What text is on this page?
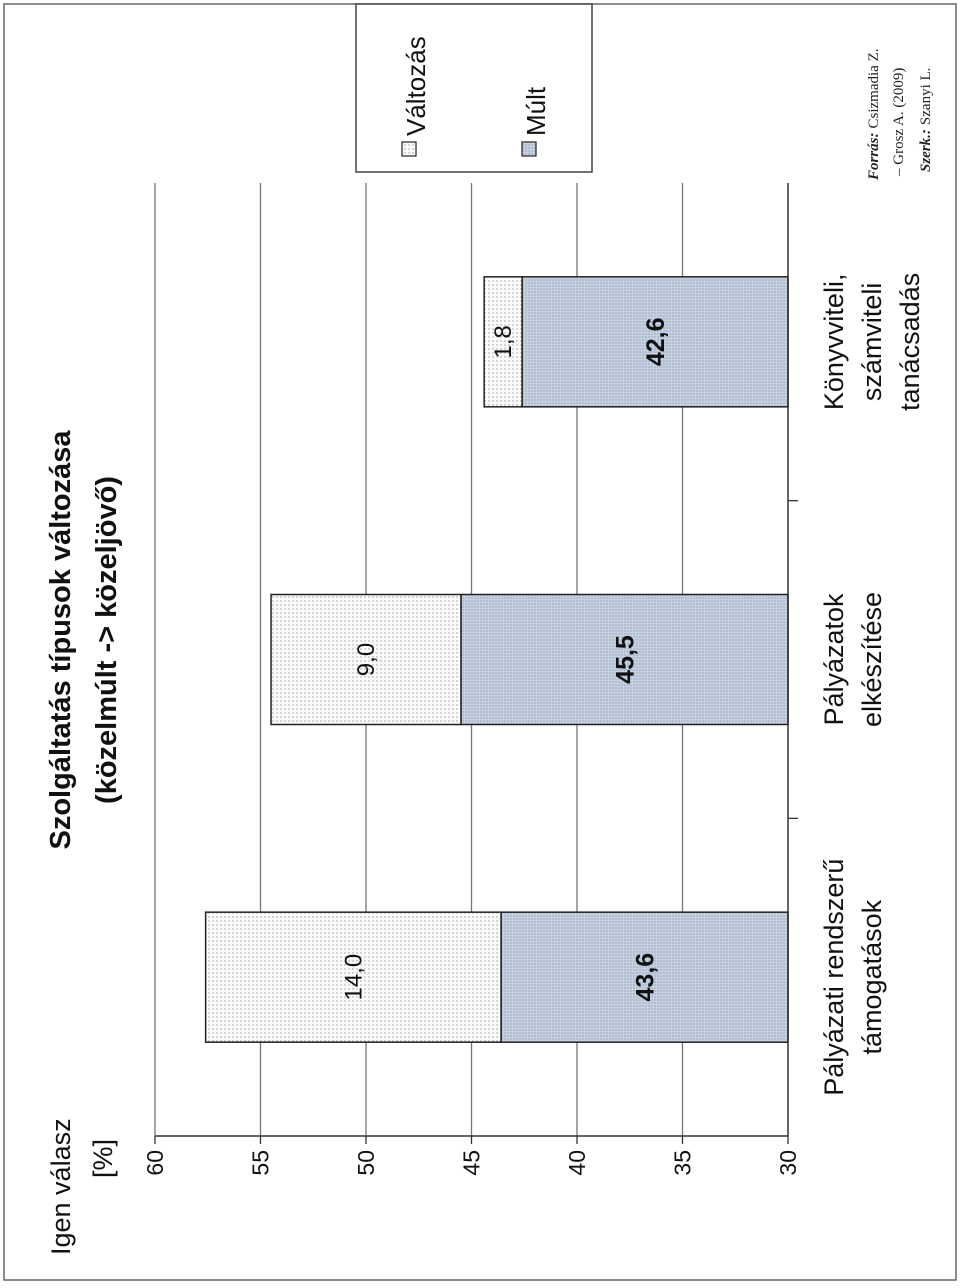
43,6
14,0
45,5
9,0
42,6
1,8
30
35
40
45
50
55
60
Pályázati rendszerű támogatások
Pályázatok elkészítése
Könyvviteli, számviteli tanácsadás
Szolgáltatás típusok változása (közelmúlt -> közeljövő)
Igen válasz [%]
Változás	Múlt
Forrás:Csizmadia Z. – Grosz A. (2009) Szerk.:Szanyi L.
